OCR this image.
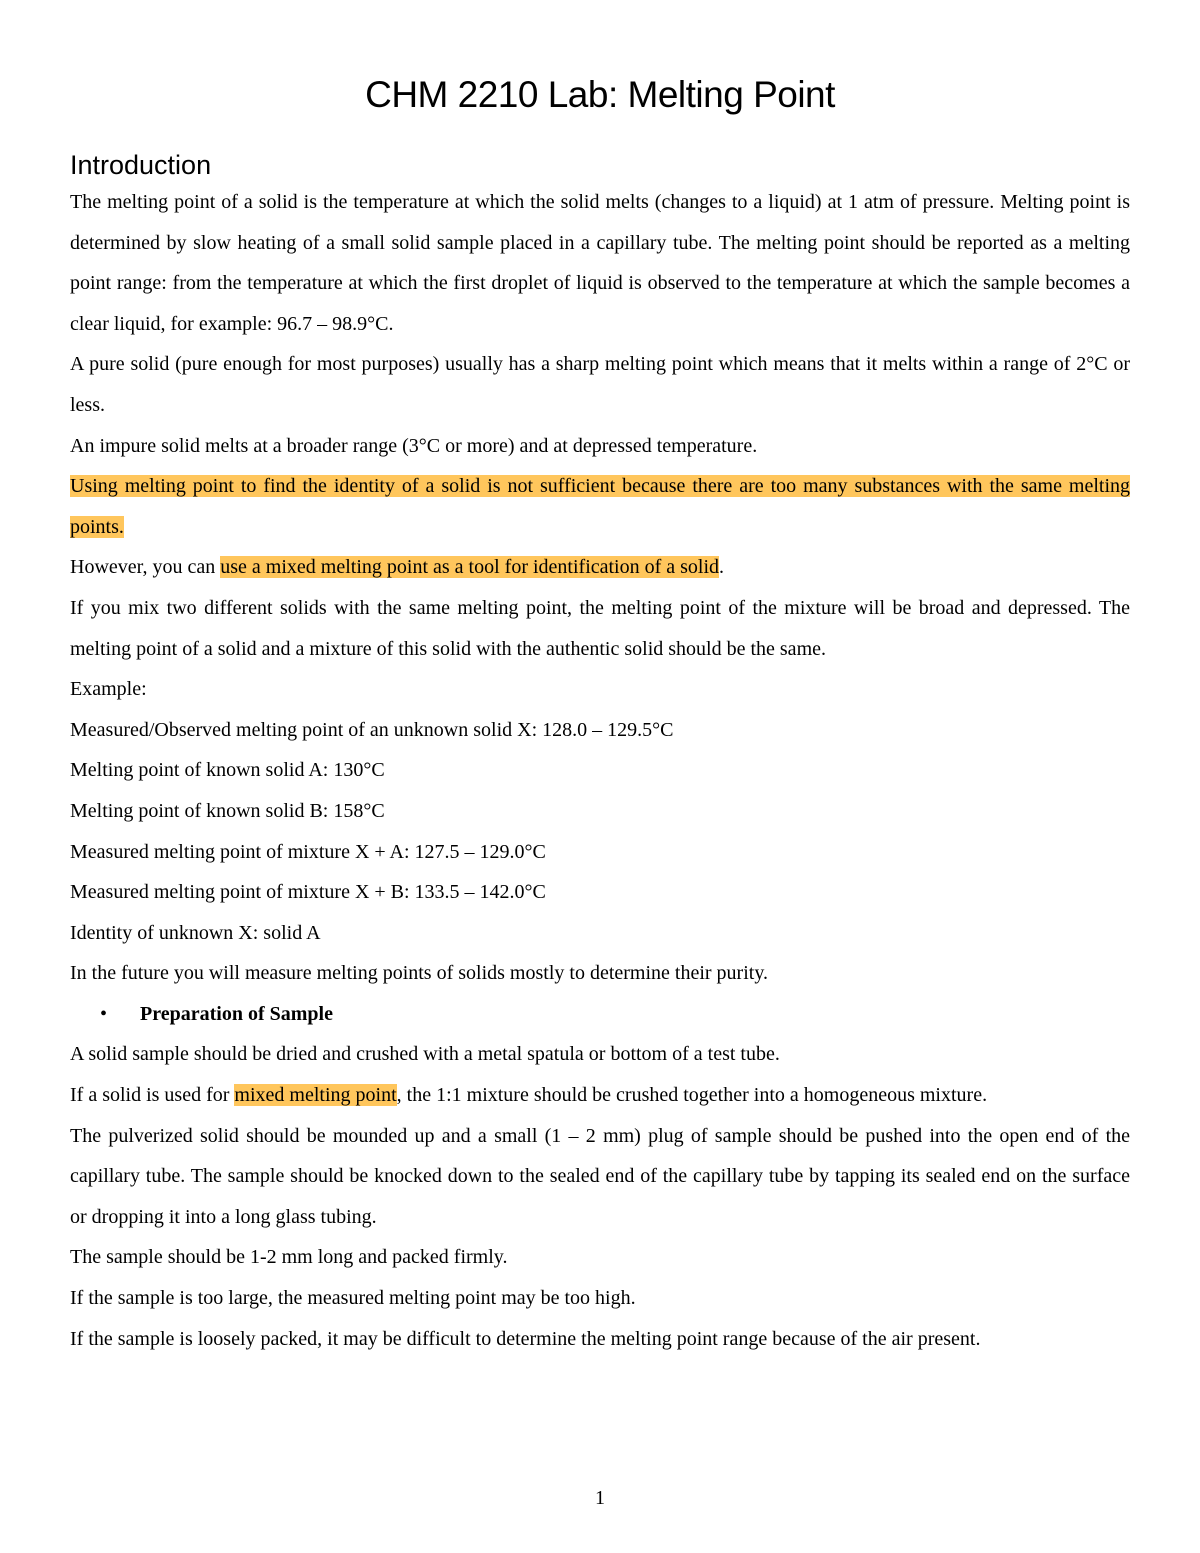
CHM 2210 Lab: Melting Point
Introduction

The melting point of a solid is the temperature at which the solid melts (changes to a liquid) at 1 atm of pressure. Melting point is determined by slow heating of a small solid sample placed in a capillary tube. The melting point should be reported as a melting point range: from the temperature at which the first droplet of liquid is observed to the temperature at which the sample becomes a clear liquid, for example: 96.7 – 98.9°C.

A pure solid (pure enough for most purposes) usually has a sharp melting point which means that it melts within a range of 2°C or less.

An impure solid melts at a broader range (3°C or more) and at depressed temperature.

Using melting point to find the identity of a solid is not sufficient because there are too many substances with the same melting points.

However, you can use a mixed melting point as a tool for identification of a solid.

If you mix two different solids with the same melting point, the melting point of the mixture will be broad and depressed. The melting point of a solid and a mixture of this solid with the authentic solid should be the same.

Example:

Measured/Observed melting point of an unknown solid X: 128.0 – 129.5°C

Melting point of known solid A: 130°C

Melting point of known solid B: 158°C

Measured melting point of mixture X + A: 127.5 – 129.0°C

Measured melting point of mixture X + B: 133.5 – 142.0°C

Identity of unknown X: solid A

In the future you will measure melting points of solids mostly to determine their purity.

• Preparation of Sample

A solid sample should be dried and crushed with a metal spatula or bottom of a test tube.

If a solid is used for mixed melting point, the 1:1 mixture should be crushed together into a homogeneous mixture.

The pulverized solid should be mounded up and a small (1 – 2 mm) plug of sample should be pushed into the open end of the capillary tube. The sample should be knocked down to the sealed end of the capillary tube by tapping its sealed end on the surface or dropping it into a long glass tubing.

The sample should be 1-2 mm long and packed firmly.

If the sample is too large, the measured melting point may be too high.

If the sample is loosely packed, it may be difficult to determine the melting point range because of the air present.

1
